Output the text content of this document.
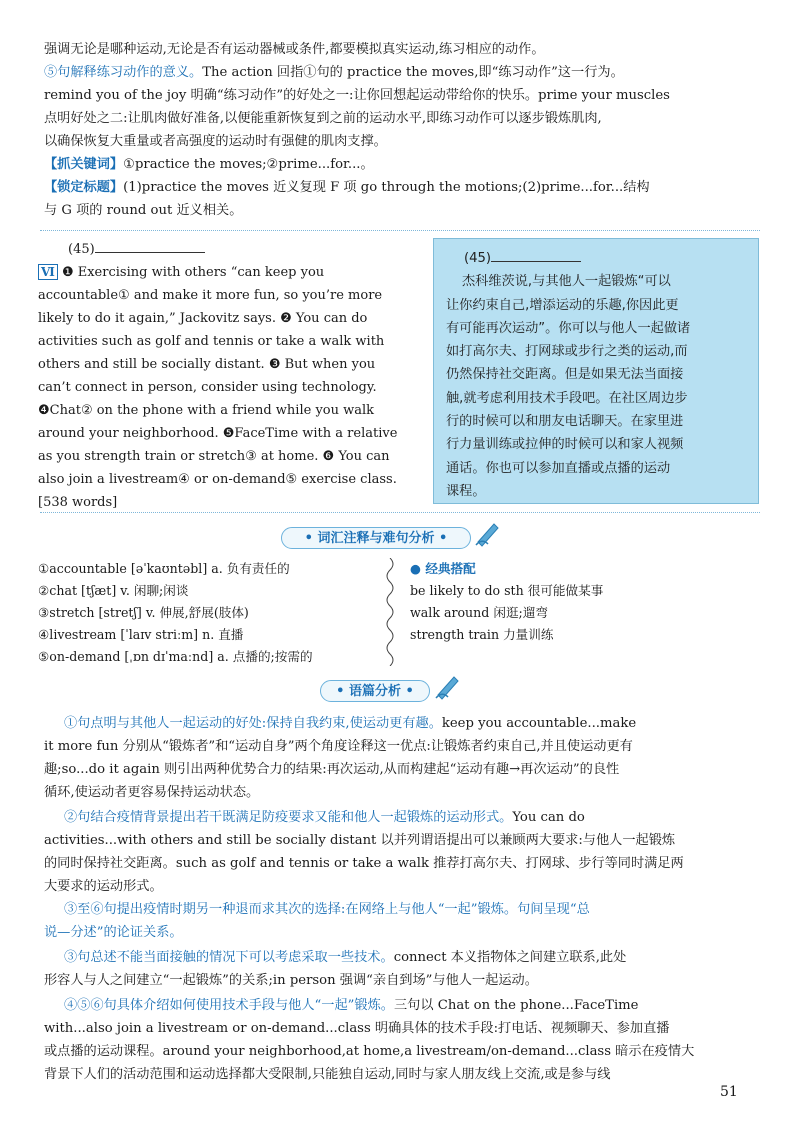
强调无论是哪种运动,无论是否有运动器械或条件,都要模拟真实运动,练习相应的动作。

⑤句解释练习动作的意义。The action 回指①句的 practice the moves,即“练习动作”这一行为。

remind you of the joy 明确“练习动作”的好处之一:让你回想起运动带给你的快乐。prime your muscles

点明好处之二:让肌肉做好准备,以便能重新恢复到之前的运动水平,即练习动作可以逐步锻炼肌肉,

以确保恢复大重量或者高强度的运动时有强健的肌肉支撑。

【抓关键词】①practice the moves;②prime...for...。

【锁定标题】(1)practice the moves 近义复现 F 项 go through the motions;(2)prime...for...结构

与 G 项的 round out 近义相关。

(45)
Ⅵ ❶ Exercising with others “can keep you
accountable① and make it more fun, so you’re more
likely to do it again,” Jackovitz says. ❷ You can do
activities such as golf and tennis or take a walk with
others and still be socially distant. ❸ But when you
can’t connect in person, consider using technology.
❹Chat② on the phone with a friend while you walk
around your neighborhood. ❺FaceTime with a relative
as you strength train or stretch③ at home. ❻ You can
also join a livestream④ or on-demand⑤ exercise class.
[538 words]
(45)
杰科维茨说,与其他人一起锻炼“可以
让你约束自己,增添运动的乐趣,你因此更
有可能再次运动”。你可以与他人一起做诸
如打高尔夫、打网球或步行之类的运动,而
仍然保持社交距离。但是如果无法当面接
触,就考虑利用技术手段吧。在社区周边步
行的时候可以和朋友电话聊天。在家里进
行力量训练或拉伸的时候可以和家人视频
通话。你也可以参加直播或点播的运动
课程。
• 词汇注释与难句分析 •
①accountable [əˈkaʊntəbl] a. 负有责任的
②chat [tʃæt] v. 闲聊;闲谈
③stretch [stretʃ] v. 伸展,舒展(肢体)
④livestream [ˈlaɪv striːm] n. 直播
⑤on-demand [ˌɒn dɪˈmaːnd] a. 点播的;按需的
● 经典搭配
be likely to do sth 很可能做某事
walk around 闲逛;遛弯
strength train 力量训练
• 语篇分析 •

①句点明与其他人一起运动的好处:保持自我约束,使运动更有趣。keep you accountable...make

it more fun 分别从“锻炼者”和“运动自身”两个角度诠释这一优点:让锻炼者约束自己,并且使运动更有

趣;so...do it again 则引出两种优势合力的结果:再次运动,从而构建起“运动有趣→再次运动”的良性

循环,使运动者更容易保持运动状态。

②句结合疫情背景提出若干既满足防疫要求又能和他人一起锻炼的运动形式。You can do

activities...with others and still be socially distant 以并列谓语提出可以兼顾两大要求:与他人一起锻炼

的同时保持社交距离。such as golf and tennis or take a walk 推荐打高尔夫、打网球、步行等同时满足两

大要求的运动形式。

③至⑥句提出疫情时期另一种退而求其次的选择:在网络上与他人“一起”锻炼。句间呈现“总

说—分述”的论证关系。

③句总述不能当面接触的情况下可以考虑采取一些技术。connect 本义指物体之间建立联系,此处

形容人与人之间建立“一起锻炼”的关系;in person 强调“亲自到场”与他人一起运动。

④⑤⑥句具体介绍如何使用技术手段与他人“一起”锻炼。三句以 Chat on the phone...FaceTime

with...also join a livestream or on-demand...class 明确具体的技术手段:打电话、视频聊天、参加直播

或点播的运动课程。around your neighborhood,at home,a livestream/on-demand...class 暗示在疫情大

背景下人们的活动范围和运动选择都大受限制,只能独自运动,同时与家人朋友线上交流,或是参与线

51
